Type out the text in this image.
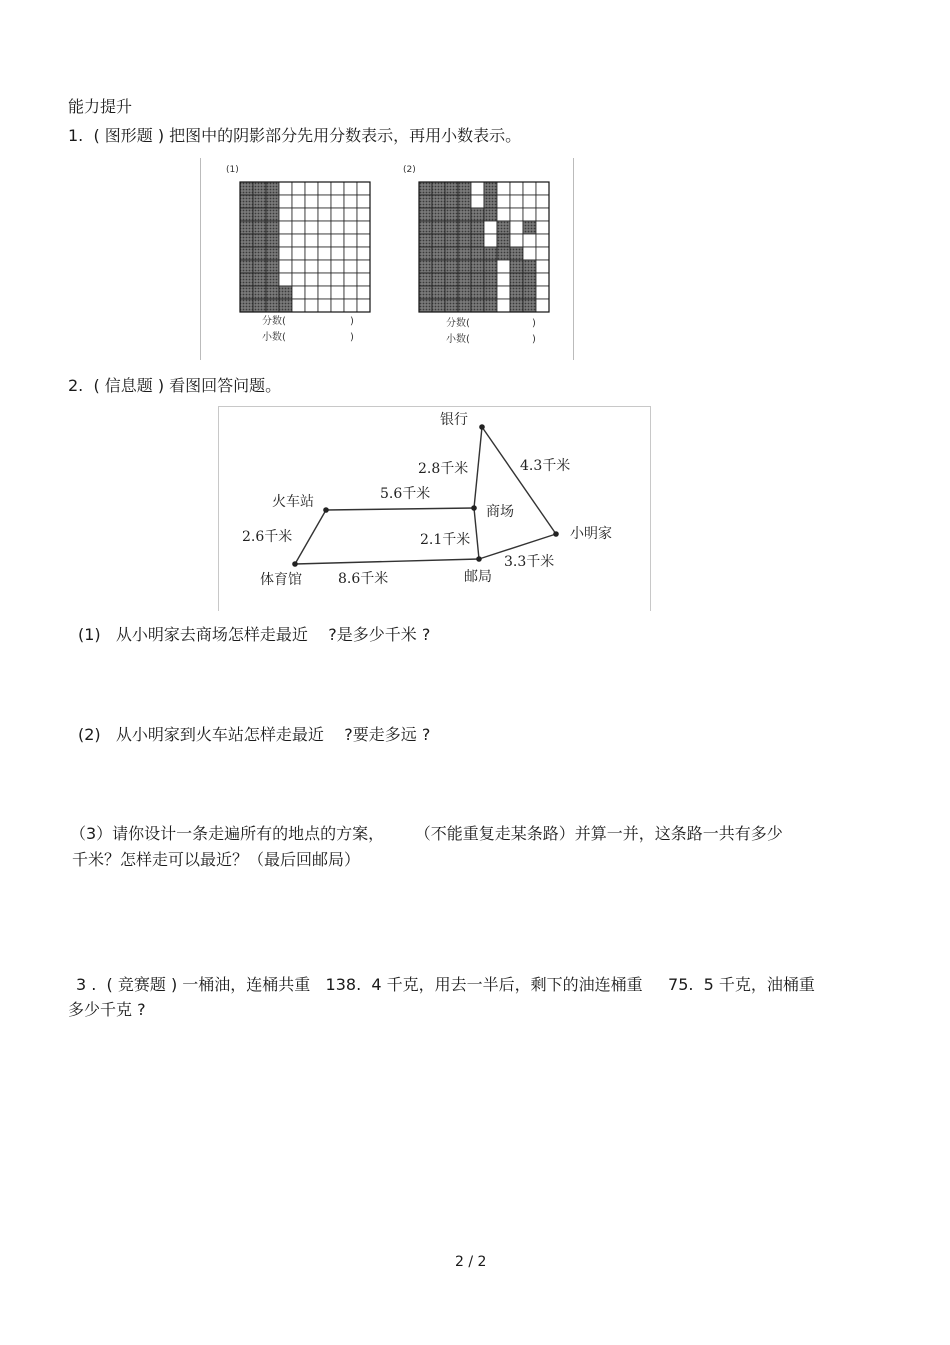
能力提升
1.  ( 图形题 ) 把图中的阴影部分先用分数表示，再用小数表示。
(1)	(2)
分数(	)
小数(	)
分数(	)
小数(	)
2.  ( 信息题 ) 看图回答问题。
银行
火车站
商场
小明家
体育馆	邮局
5.6千米
2.8千米	4.3千米
2.6千米	2.1千米
3.3千米
8.6千米
(1)   从小明家去商场怎样走最近    ?是多少千米 ?
(2)   从小明家到火车站怎样走最近    ?要走多远 ?
（3）请你设计一条走遍所有的地点的方案，      （不能重复走某条路）并算一并，这条路一共有多少
千米？怎样走可以最近？（最后回邮局）
3 .  ( 竞赛题 ) 一桶油，连桶共重   138.  4 千克，用去一半后，剩下的油连桶重     75.  5 千克，油桶重
多少千克 ?
2 / 2
